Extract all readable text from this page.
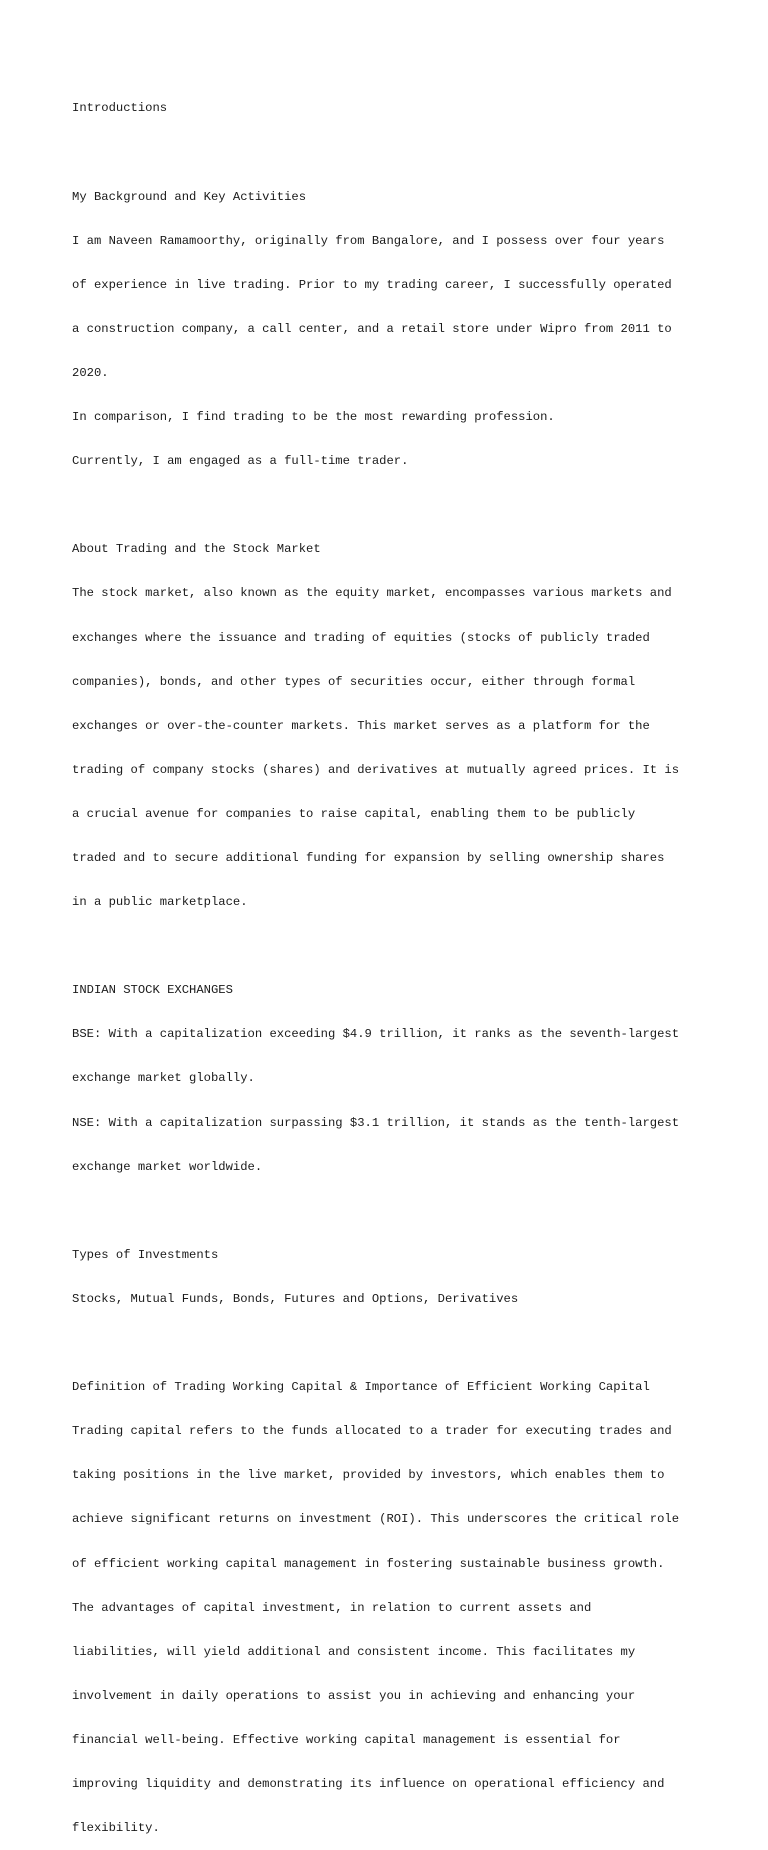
Introductions

My Background and Key Activities

I am Naveen Ramamoorthy, originally from Bangalore, and I possess over four years

of experience in live trading. Prior to my trading career, I successfully operated

a construction company, a call center, and a retail store under Wipro from 2011 to

2020.

In comparison, I find trading to be the most rewarding profession.

Currently, I am engaged as a full-time trader.

About Trading and the Stock Market

The stock market, also known as the equity market, encompasses various markets and

exchanges where the issuance and trading of equities (stocks of publicly traded

companies), bonds, and other types of securities occur, either through formal

exchanges or over-the-counter markets. This market serves as a platform for the

trading of company stocks (shares) and derivatives at mutually agreed prices. It is

a crucial avenue for companies to raise capital, enabling them to be publicly

traded and to secure additional funding for expansion by selling ownership shares

in a public marketplace.

INDIAN STOCK EXCHANGES

BSE: With a capitalization exceeding $4.9 trillion, it ranks as the seventh-largest

exchange market globally.

NSE: With a capitalization surpassing $3.1 trillion, it stands as the tenth-largest

exchange market worldwide.

Types of Investments

Stocks, Mutual Funds, Bonds, Futures and Options, Derivatives

Definition of Trading Working Capital & Importance of Efficient Working Capital

Trading capital refers to the funds allocated to a trader for executing trades and

taking positions in the live market, provided by investors, which enables them to

achieve significant returns on investment (ROI). This underscores the critical role

of efficient working capital management in fostering sustainable business growth.

The advantages of capital investment, in relation to current assets and

liabilities, will yield additional and consistent income. This facilitates my

involvement in daily operations to assist you in achieving and enhancing your

financial well-being. Effective working capital management is essential for

improving liquidity and demonstrating its influence on operational efficiency and

flexibility.
